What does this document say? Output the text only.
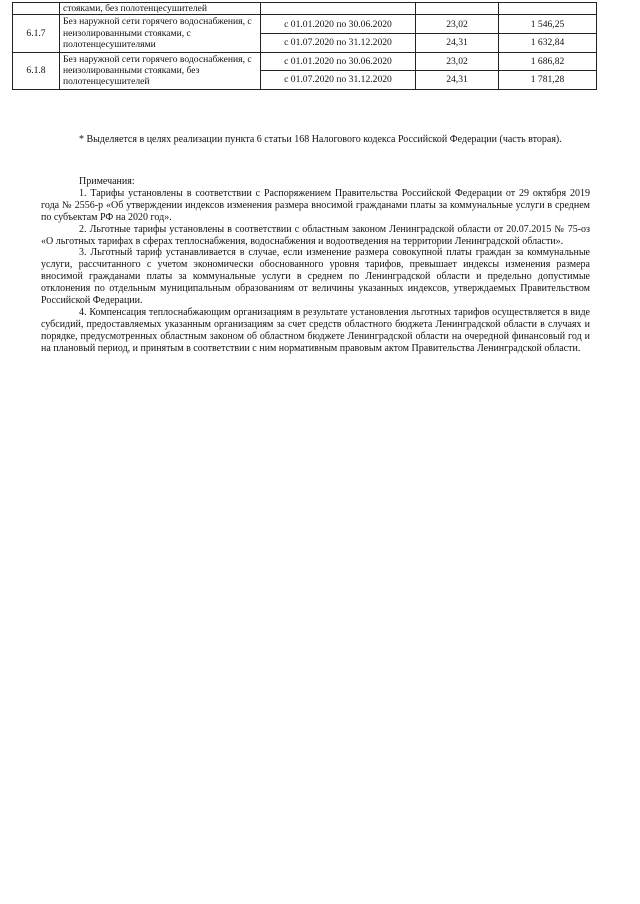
	стояками, без полотенцесушителей			
6.1.7	Без наружной сети горячего водоснабжения, с неизолированными стояками, с полотенцесушителями	с 01.01.2020 по 30.06.2020	23,02	1 546,25
		с 01.07.2020 по 31.12.2020	24,31	1 632,84
6.1.8	Без наружной сети горячего водоснабжения, с неизолированными стояками, без полотенцесушителей	с 01.01.2020 по 30.06.2020	23,02	1 686,82
		с 01.07.2020 по 31.12.2020	24,31	1 781,28

* Выделяется в целях реализации пункта 6 статьи 168 Налогового кодекса Российской Федерации (часть вторая).

Примечания:

1. Тарифы установлены в соответствии с Распоряжением Правительства Российской Федерации от 29 октября 2019 года № 2556-р «Об утверждении индексов изменения размера вносимой гражданами платы за коммунальные услуги в среднем по субъектам РФ на 2020 год».

2. Льготные тарифы установлены в соответствии с областным законом Ленинградской области от 20.07.2015 № 75-оз «О льготных тарифах в сферах теплоснабжения, водоснабжения и водоотведения на территории Ленинградской области».

3. Льготный тариф устанавливается в случае, если изменение размера совокупной платы граждан за коммунальные услуги, рассчитанного с учетом экономически обоснованного уровня тарифов, превышает индексы изменения размера вносимой гражданами платы за коммунальные услуги в среднем по Ленинградской области и предельно допустимые отклонения по отдельным муниципальным образованиям от величины указанных индексов, утверждаемых Правительством Российской Федерации.

4. Компенсация теплоснабжающим организациям в результате установления льготных тарифов осуществляется в виде субсидий, предоставляемых указанным организациям за счет средств областного бюджета Ленинградской области в случаях и порядке, предусмотренных областным законом об областном бюджете Ленинградской области на очередной финансовый год и на плановый период, и принятым в соответствии с ним нормативным правовым актом Правительства Ленинградской области.
